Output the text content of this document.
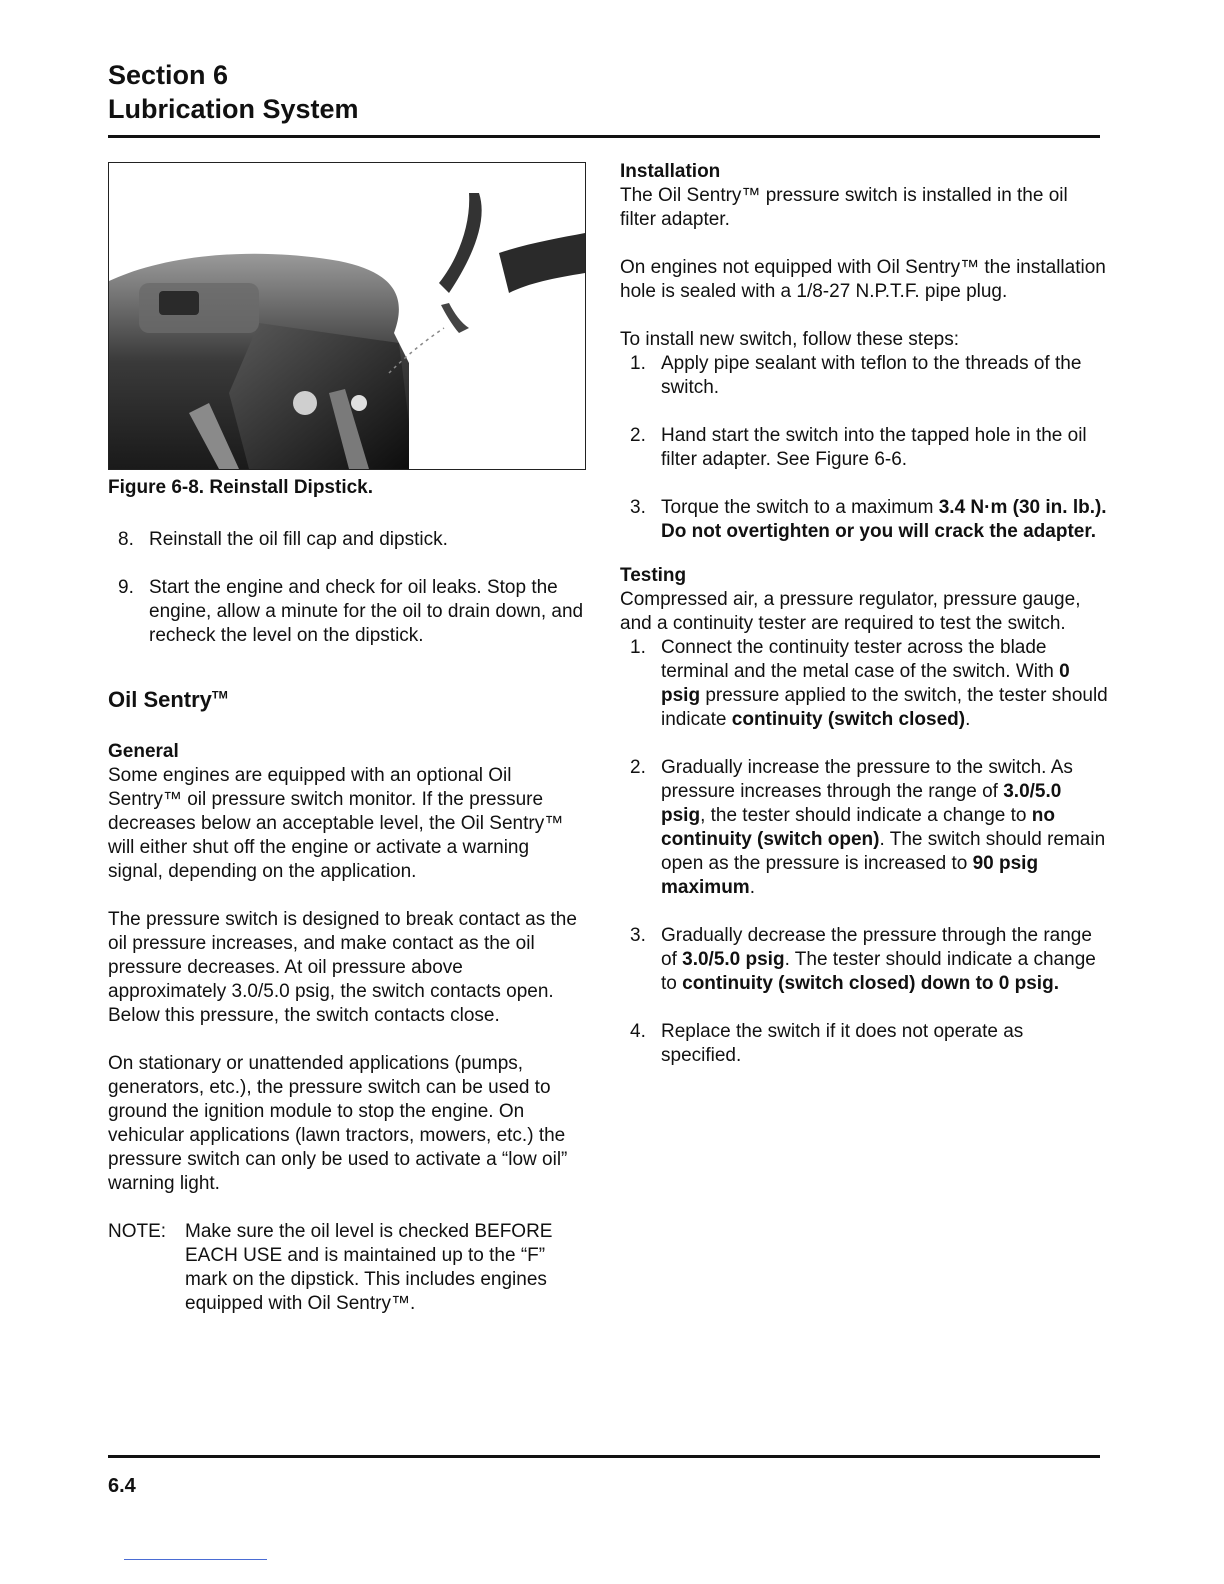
Section 6
Lubrication System
Figure 6-8. Reinstall Dipstick.
8. Reinstall the oil fill cap and dipstick.
9. Start the engine and check for oil leaks. Stop the engine, allow a minute for the oil to drain down, and recheck the level on the dipstick.
Oil Sentry™
General

Some engines are equipped with an optional Oil Sentry™ oil pressure switch monitor. If the pressure decreases below an acceptable level, the Oil Sentry™ will either shut off the engine or activate a warning signal, depending on the application.

The pressure switch is designed to break contact as the oil pressure increases, and make contact as the oil pressure decreases. At oil pressure above approximately 3.0/5.0 psig, the switch contacts open. Below this pressure, the switch contacts close.

On stationary or unattended applications (pumps, generators, etc.), the pressure switch can be used to ground the ignition module to stop the engine. On vehicular applications (lawn tractors, mowers, etc.) the pressure switch can only be used to activate a “low oil” warning light.

NOTE: Make sure the oil level is checked BEFORE EACH USE and is maintained up to the “F” mark on the dipstick. This includes engines equipped with Oil Sentry™.
Installation

The Oil Sentry™ pressure switch is installed in the oil filter adapter.

On engines not equipped with Oil Sentry™ the installation hole is sealed with a 1/8-27 N.P.T.F. pipe plug.

To install new switch, follow these steps:

1. Apply pipe sealant with teflon to the threads of the switch.
2. Hand start the switch into the tapped hole in the oil filter adapter. See Figure 6-6.
3. Torque the switch to a maximum 3.4 N·m (30 in. lb.). Do not overtighten or you will crack the adapter.
Testing

Compressed air, a pressure regulator, pressure gauge, and a continuity tester are required to test the switch.

1. Connect the continuity tester across the blade terminal and the metal case of the switch. With 0 psig pressure applied to the switch, the tester should indicate continuity (switch closed).
2. Gradually increase the pressure to the switch. As pressure increases through the range of 3.0/5.0 psig, the tester should indicate a change to no continuity (switch open). The switch should remain open as the pressure is increased to 90 psig maximum.
3. Gradually decrease the pressure through the range of 3.0/5.0 psig. The tester should indicate a change to continuity (switch closed) down to 0 psig.
4. Replace the switch if it does not operate as specified.
6.4
